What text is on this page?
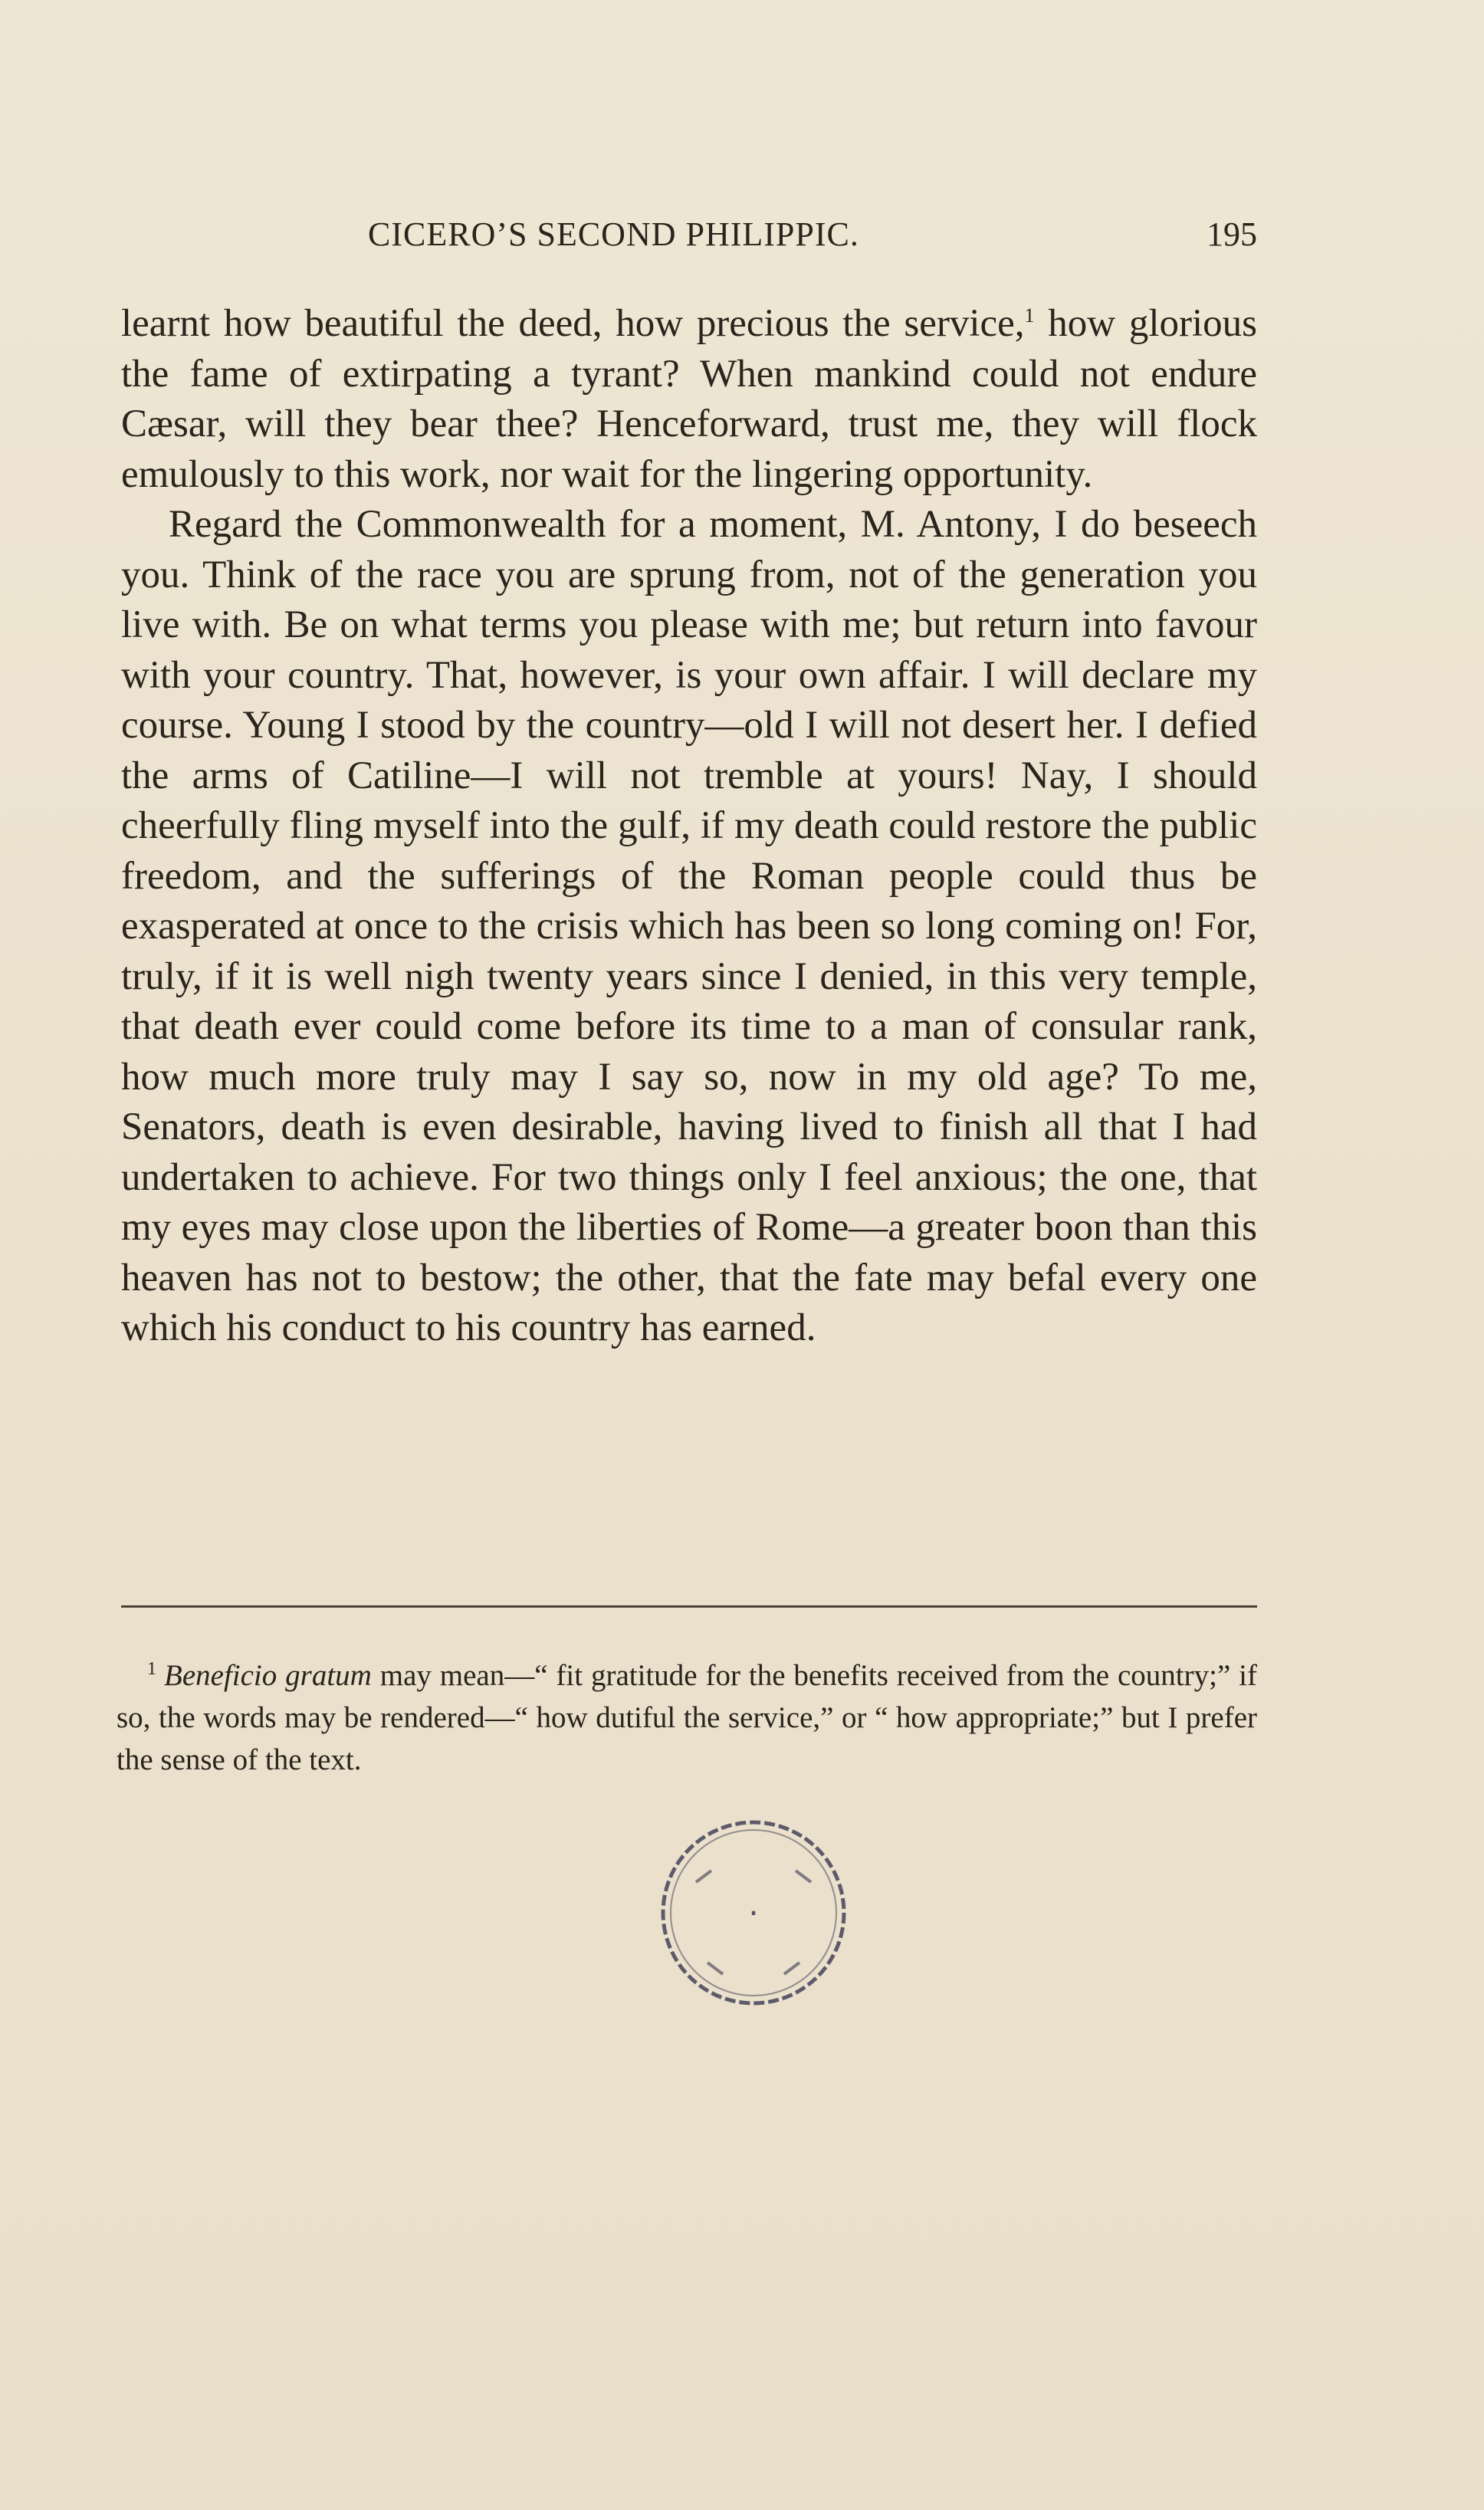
CICERO’S SECOND PHILIPPIC.	195

learnt how beautiful the deed, how precious the service,$^1$ how glorious the fame of extirpating a tyrant? When mankind could not endure Cæsar, will they bear thee? Henceforward, trust me, they will flock emulously to this work, nor wait for the lingering opportunity.

Regard the Commonwealth for a moment, M. Antony, I do beseech you. Think of the race you are sprung from, not of the generation you live with. Be on what terms you please with me; but return into favour with your country. That, however, is your own affair. I will declare my course. Young I stood by the country—old I will not desert her. I defied the arms of Catiline—I will not tremble at yours! Nay, I should cheerfully fling myself into the gulf, if my death could restore the public freedom, and the sufferings of the Roman people could thus be exasperated at once to the crisis which has been so long coming on! For, truly, if it is well nigh twenty years since I denied, in this very temple, that death ever could come before its time to a man of consular rank, how much more truly may I say so, now in my old age? To me, Senators, death is even desirable, having lived to finish all that I had undertaken to achieve. For two things only I feel anxious; the one, that my eyes may close upon the liberties of Rome—a greater boon than this heaven has not to bestow; the other, that the fate may befal every one which his conduct to his country has earned.

$^1$ Beneficio gratum may mean—“ fit gratitude for the benefits received from the country;” if so, the words may be rendered—“ how dutiful the service,” or “ how appropriate;” but I prefer the sense of the text.

·
